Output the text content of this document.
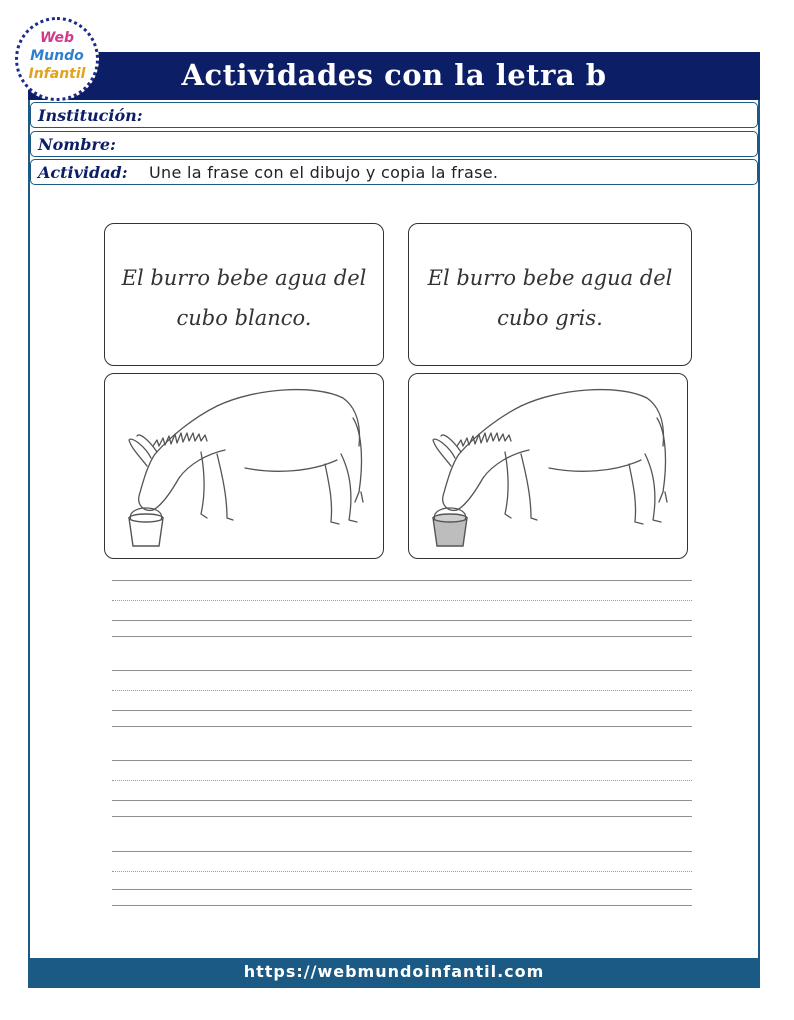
Actividades con la letra b
Web
Mundo
Infantil
Institución:
Nombre:
Actividad: Une la frase con el dibujo y copia la frase.
El burro bebe agua del cubo blanco.
El burro bebe agua del cubo gris.
https://webmundoinfantil.com
